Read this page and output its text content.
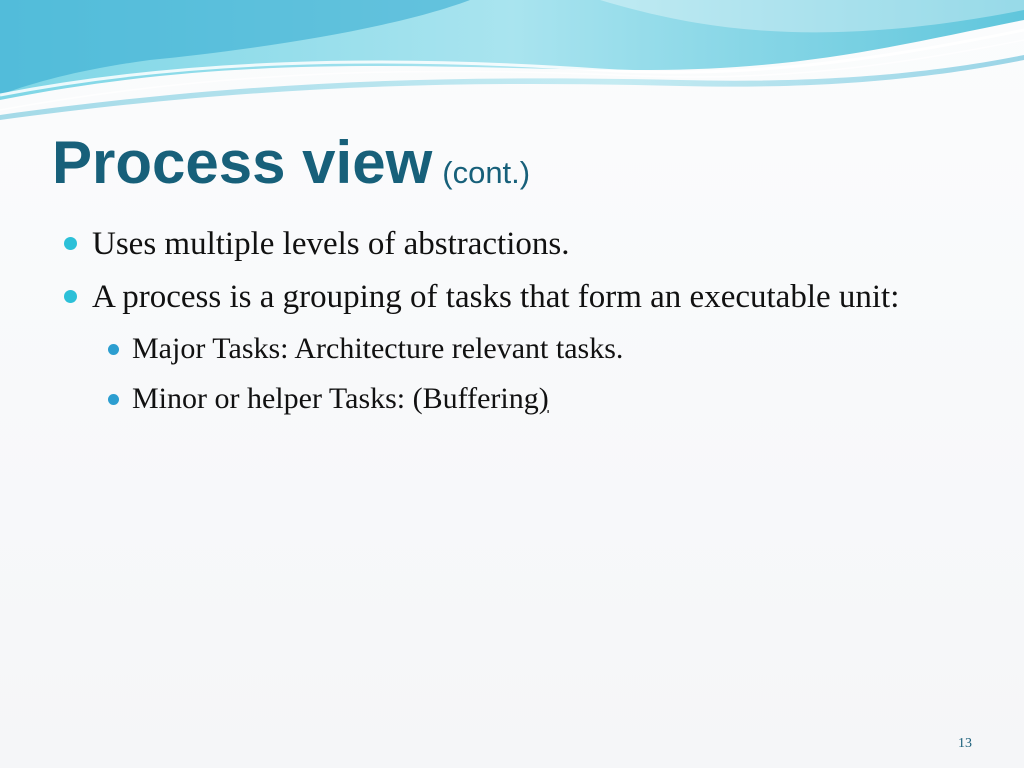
Process view (cont.)
Uses multiple levels of abstractions.
A process is a grouping of tasks that form an executable unit:
Major Tasks: Architecture relevant tasks.
Minor or helper Tasks: (Buffering)
13
